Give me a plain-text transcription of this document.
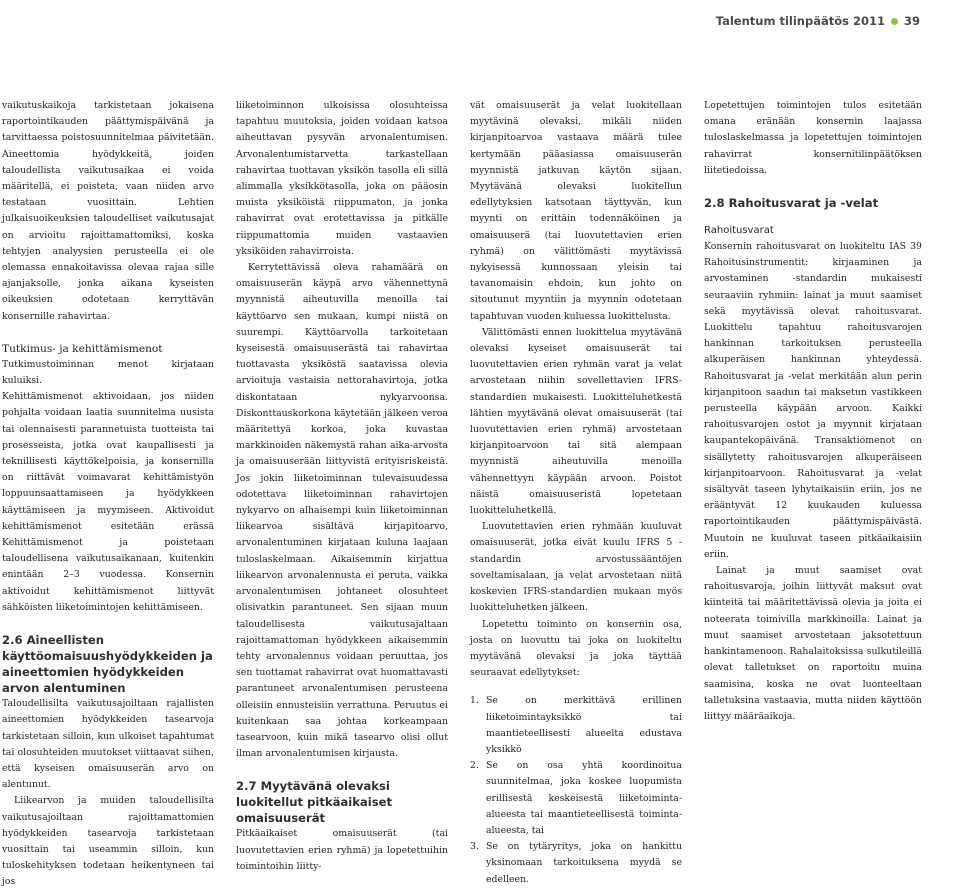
Talentum tilinpäätös 2011 39

vaikutuskaikoja tarkistetaan jokaisena raportointikauden päättymispäivänä ja tarvittaessa poistosuunnitelmaa päivitetään. Aineettomia hyödykkeitä, joiden taloudellista vaikutusaikaa ei voida määritellä, ei poisteta, vaan niiden arvo testataan vuosittain. Lehtien julkaisuoikeuksien taloudelliset vaikutusajat on arvioitu rajoittamattomiksi, koska tehtyjen analyysien perusteella ei ole olemassa ennakoitavissa olevaa rajaa sille ajanjaksolle, jonka aikana kyseisten oikeuksien odotetaan kerryttävän konsernille rahavirtaa.

Tutkimus- ja kehittämismenot

Tutkimustoiminnan menot kirjataan kuluiksi.

Kehittämismenot aktivoidaan, jos niiden pohjalta voidaan laatia suunnitelma uusista tai olennaisesti parannetuista tuotteista tai prosesseista, jotka ovat kaupallisesti ja teknillisesti käyttökelpoisia, ja konsernilla on riittävät voimavarat kehittämistyön loppuunsaattamiseen ja hyödykkeen käyttämiseen ja myymiseen. Aktivoidut kehittämismenot esitetään erässä Kehittämismenot ja poistetaan taloudellisena vaikutusaikanaan, kuitenkin enintään 2–3 vuodessa. Konsernin aktivoidut kehittämismenot liittyvät sähköisten liiketoimintojen kehittämiseen.

2.6 Aineellisten käyttöomaisuushyödykkeiden ja aineettomien hyödykkeiden arvon alentuminen

Taloudellisilta vaikutusajoiltaan rajallisten aineettomien hyödykkeiden tasearvoja tarkistetaan silloin, kun ulkoiset tapahtumat tai olosuhteiden muutokset viittaavat siihen, että kyseisen omaisuuserän arvo on alentunut.

Liikearvon ja muiden taloudellisilta vaikutusajoiltaan rajoittamattomien hyödykkeiden tasearvoja tarkistetaan vuosittain tai useammin silloin, kun tuloskehityksen todetaan heikentyneen tai jos

liiketoiminnon ulkoisissa olosuhteissa tapahtuu muutoksia, joiden voidaan katsoa aiheuttavan pysyvän arvonalentumisen. Arvonalentumistarvetta tarkastellaan rahavirtaa tuottavan yksikön tasolla eli sillä alimmalla yksikkötasolla, joka on pääosin muista yksiköistä riippumaton, ja jonka rahavirrat ovat erotettavissa ja pitkälle riippumattomia muiden vastaavien yksiköiden rahavirroista.

Kerrytettävissä oleva rahamäärä on omaisuuserän käypä arvo vähennettynä myynnistä aiheutuvilla menoilla tai käyttöarvo sen mukaan, kumpi niistä on suurempi. Käyttöarvolla tarkoitetaan kyseisestä omaisuuserästä tai rahavirtaa tuottavasta yksiköstä saatavissa olevia arvioituja vastaisia nettorahavirtoja, jotka diskontataan nykyarvoonsa. Diskonttauskorkona käytetään jälkeen veroa määritettyä korkoa, joka kuvastaa markkinoiden näkemystä rahan aika-arvosta ja omaisuuserään liittyvistä erityisriskeistä. Jos jokin liiketoiminnan tulevaisuudessa odotettava liiketoiminnan rahavirtojen nykyarvo on alhaisempi kuin liiketoiminnan liikearvoa sisältävä kirjapitoarvo, arvonalentuminen kirjataan kuluna laajaan tuloslaskelmaan. Aikaisemmin kirjattua liikearvon arvonalennusta ei peruta, vaikka arvonalentumisen johtaneet olosuhteet olisivatkin parantuneet. Sen sijaan muun taloudellisesta vaikutusajaltaan rajoittamattoman hyödykkeen aikaisemmin tehty arvonalennus voidaan peruuttaa, jos sen tuottamat rahavirrat ovat huomattavasti parantuneet arvonalentumisen perusteena olleisiin ennusteisiin verrattuna. Peruutus ei kuitenkaan saa johtaa korkeampaan tasearvoon, kuin mikä tasearvo olisi ollut ilman arvonalentumisen kirjausta.

2.7 Myytävänä olevaksi luokitellut pitkäaikaiset omaisuuserät

Pitkäaikaiset omaisuuserät (tai luovutettavien erien ryhmä) ja lopetettuihin toimintoihin liitty-

vät omaisuuserät ja velat luokitellaan myytävinä olevaksi, mikäli niiden kirjanpitoarvoa vastaava määrä tulee kertymään pääasiassa omaisuuserän myynnistä jatkuvan käytön sijaan. Myytävänä olevaksi luokitellun edellytyksien katsotaan täyttyvän, kun myynti on erittäin todennäköinen ja omaisuuserä (tai luovutettavien erien ryhmä) on välittömästi myytävissä nykyisessä kunnossaan yleisin tai tavanomaisin ehdoin, kun johto on sitoutunut myyntiin ja myynnin odotetaan tapahtuvan vuoden kuluessa luokittelusta.

Välittömästi ennen luokittelua myytävänä olevaksi kyseiset omaisuuserät tai luovutettavien erien ryhmän varat ja velat arvostetaan niihin sovellettavien IFRS-standardien mukaisesti. Luokitteluhetkestä lähtien myytävänä olevat omaisuuserät (tai luovutettavien erien ryhmä) arvostetaan kirjanpitoarvoon tai sitä alempaan myynnistä aiheutuvilla menoilla vähennettyyn käypään arvoon. Poistot näistä omaisuuseristä lopetetaan luokitteluhetkellä.

Luovutettavien erien ryhmään kuuluvat omaisuuserät, jotka eivät kuulu IFRS 5 -standardin arvostussääntöjen soveltamisalaan, ja velat arvostetaan niitä koskevien IFRS-standardien mukaan myös luokitteluhetken jälkeen.

Lopetettu toiminto on konsernin osa, josta on luovuttu tai joka on luokiteltu myytävänä olevaksi ja joka täyttää seuraavat edellytykset:

1. Se on merkittävä erillinen liiketoimintayksikkö tai maantieteellisesti alueelta edustava yksikkö
2. Se on osa yhtä koordinoitua suunnitelmaa, joka koskee luopumista erillisestä keskeisestä liiketoiminta-alueesta tai maantieteellisestä toiminta-alueesta, tai
3. Se on tytäryritys, joka on hankittu yksinomaan tarkoituksena myydä se edelleen.

Lopetettujen toimintojen tulos esitetään omana eränään konsernin laajassa tuloslaskelmassa ja lopetettujen toimintojen rahavirrat konsernitilinpäätöksen liitetiedoissa.

2.8 Rahoitusvarat ja -velat
Rahoitusvarat

Konsernin rahoitusvarat on luokiteltu IAS 39 Rahoitusinstrumentit: kirjaaminen ja arvostaminen -standardin mukaisesti seuraaviin ryhmiin: lainat ja muut saamiset sekä myytävissä olevat rahoitusvarat. Luokittelu tapahtuu rahoitusvarojen hankinnan tarkoituksen perusteella alkuperäisen hankinnan yhteydessä. Rahoitusvarat ja -velat merkitään alun perin kirjanpitoon saadun tai maksetun vastikkeen perusteella käypään arvoon. Kaikki rahoitusvarojen ostot ja myynnit kirjataan kaupantekopäivänä. Transaktiomenot on sisällytetty rahoitusvarojen alkuperäiseen kirjanpitoarvoon. Rahoitusvarat ja -velat sisältyvät taseen lyhytaikaisiin eriin, jos ne erääntyvät 12 kuukauden kuluessa raportointikauden päättymispäivästä. Muutoin ne kuuluvat taseen pitkäaikaisiin eriin.

Lainat ja muut saamiset ovat rahoitusvaroja, joihin liittyvät maksut ovat kiinteitä tai määritettävissä olevia ja joita ei noteerata toimivilla markkinoilla. Lainat ja muut saamiset arvostetaan jaksotettuun hankintamenoon. Rahalaitoksissa sulkutileillä olevat talletukset on raportoitu muina saamisina, koska ne ovat luonteeltaan talletuksina vastaavia, mutta niiden käyttöön liittyy määräaikoja.
